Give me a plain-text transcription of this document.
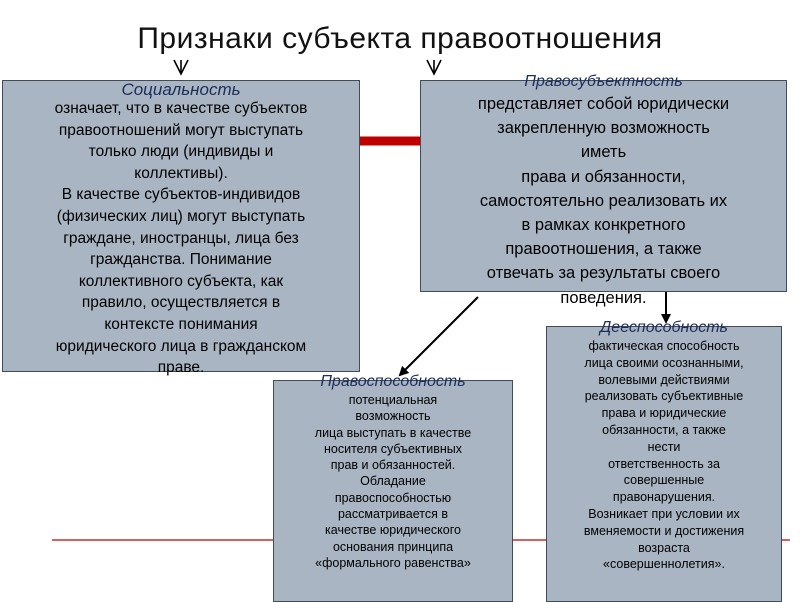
Признаки субъекта правоотношения
Социальность
означает, что в качестве субъектов
правоотношений могут выступать
только люди (индивиды и
коллективы).
В качестве субъектов-индивидов
(физических лиц) могут выступать
граждане, иностранцы, лица без
гражданства. Понимание
коллективного субъекта, как
правило, осуществляется в
контексте понимания
юридического лица в гражданском
праве.
Правосубъектность
представляет собой юридически
закрепленную возможность
иметь
права и обязанности,
самостоятельно реализовать их
в рамках конкретного
правоотношения, а также
отвечать за результаты своего
поведения.
Правоспособность
потенциальная
возможность
лица выступать в качестве
носителя субъективных
прав и обязанностей.
Обладание
правоспособностью
рассматривается в
качестве юридического
основания принципа
«формального равенства»
Дееспособность
фактическая способность
лица своими осознанными,
волевыми действиями
реализовать субъективные
права и юридические
обязанности, а также
нести
ответственность за
совершенные
правонарушения.
Возникает при условии их
вменяемости и достижения
возраста
«совершеннолетия».
